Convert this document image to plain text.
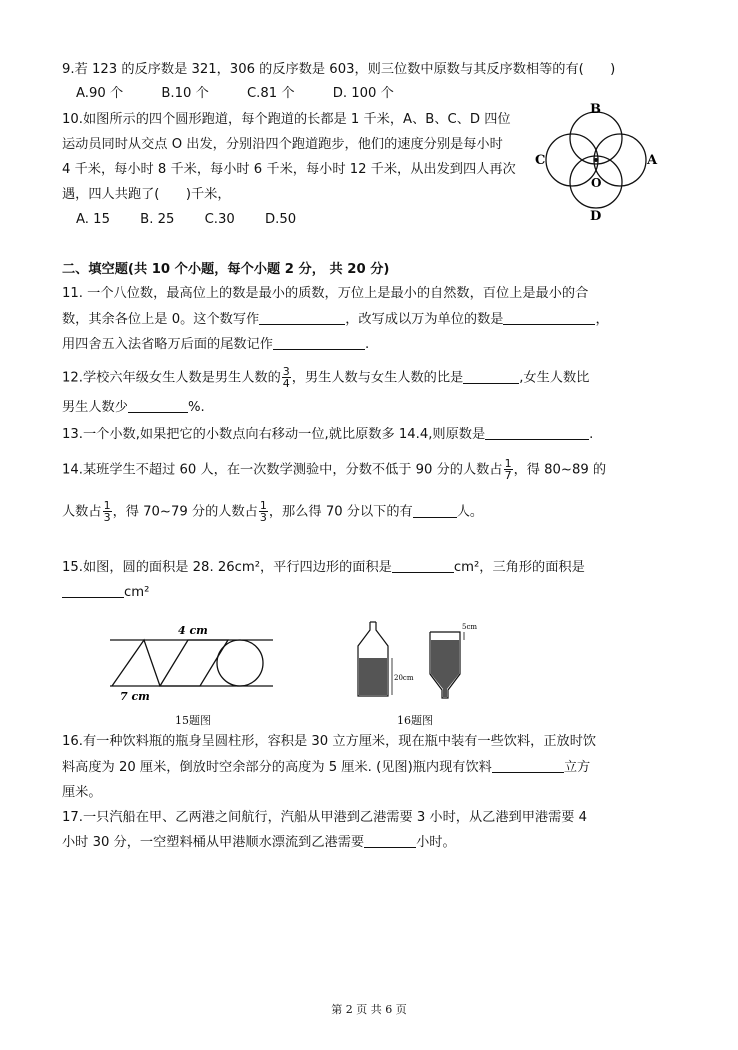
9.若 123 的反序数是 321，306 的反序数是 603，则三位数中原数与其反序数相等的有(　　)
A.90 个	B.10 个	C.81 个	D. 100 个
10.如图所示的四个圆形跑道，每个跑道的长都是 1 千米，A、B、C、D 四位
运动员同时从交点 O 出发，分别沿四个跑道跑步，他们的速度分别是每小时
4 千米，每小时 8 千米，每小时 6 千米，每小时 12 千米，从出发到四人再次
遇，四人共跑了(　　)千米，
A. 15 B. 25 C.30 D.50
B
A
C
O
D
二、填空题(共 10 个小题，每个小题 2 分， 共 20 分)
11. 一个八位数，最高位上的数是最小的质数，万位上是最小的自然数，百位上是最小的合
数，其余各位上是 0。这个数写作	，改写成以万为单位的数是	，
用四舍五入法省略万后面的尾数记作	.
12.学校六年级女生人数是男生人数的 $\frac{3}{4}$ ，男生人数与女生人数的比是	,女生人数比
男生人数少	%.
13.一个小数,如果把它的小数点向右移动一位,就比原数多 14.4,则原数是	.
14.某班学生不超过 60 人，在一次数学测验中，分数不低于 90 分的人数占 $\frac{1}{7}$ ，得 80~89 的
人数占 $\frac{1}{3}$ ，得 70~79 分的人数占 $\frac{1}{3}$ ，那么得 70 分以下的有	人。
15.如图，圆的面积是 28. 26cm²，平行四边形的面积是	cm²，三角形的面积是
cm²
4 cm
7 cm
15题图
20cm
5cm
16题图
16.有一种饮料瓶的瓶身呈圆柱形，容积是 30 立方厘米，现在瓶中装有一些饮料，正放时饮
料高度为 20 厘米，倒放时空余部分的高度为 5 厘米. (见图)瓶内现有饮料	立方
厘米。
17.一只汽船在甲、乙两港之间航行，汽船从甲港到乙港需要 3 小时，从乙港到甲港需要 4
小时 30 分，一空塑料桶从甲港顺水漂流到乙港需要	小时。
第 2 页 共 6 页
